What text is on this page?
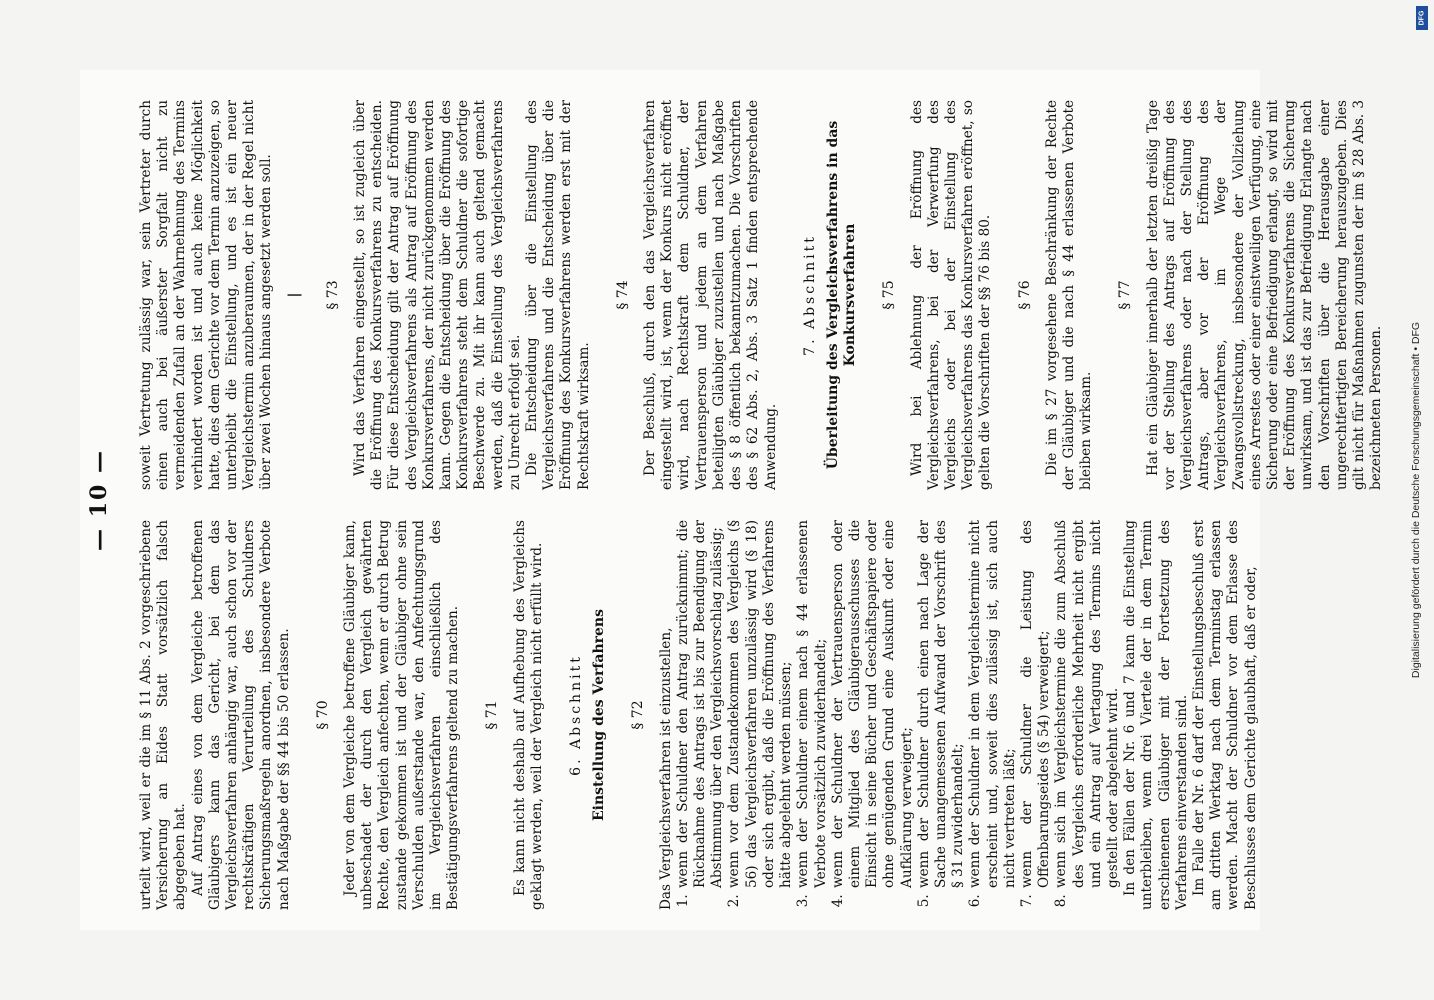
— 10 —

urteilt wird, weil er die im § 11 Abs. 2 vorgeschriebene Versicherung an Eides Statt vorsätzlich falsch abgegeben hat. Auf Antrag eines von dem Vergleiche betroffenen Gläubigers kann das Gericht, bei dem das Vergleichsverfahren anhängig war, auch schon vor der rechtskräftigen Verurteilung des Schuldners Sicherungsmaßregeln anordnen, insbesondere Verbote nach Maßgabe der §§ 44 bis 50 erlassen. § 70 Jeder von dem Vergleiche betroffene Gläubiger kann, unbeschadet der durch den Vergleich gewährten Rechte, den Vergleich anfechten, wenn er durch Betrug zustande gekommen ist und der Gläubiger ohne sein Verschulden außerstande war, den Anfechtungsgrund im Vergleichsverfahren einschließlich des Bestätigungsverfahrens geltend zu machen. § 71 Es kann nicht deshalb auf Aufhebung des Vergleichs geklagt werden, weil der Vergleich nicht erfüllt wird. 6. Abschnitt Einstellung des Verfahrens § 72 Das Vergleichsverfahren ist einzustellen, 1. wenn der Schuldner den Antrag zurücknimmt; die Rücknahme des Antrags ist bis zur Beendigung der Abstimmung über den Vergleichsvorschlag zulässig; 2. wenn vor dem Zustandekommen des Vergleichs (§ 56) das Vergleichsverfahren unzulässig wird (§ 18) oder sich ergibt, daß die Eröffnung des Verfahrens hätte abgelehnt werden müssen; 3. wenn der Schuldner einem nach § 44 erlassenen Verbote vorsätzlich zuwiderhandelt; 4. wenn der Schuldner der Vertrauensperson oder einem Mitglied des Gläubigerausschusses die Einsicht in seine Bücher und Geschäftspapiere oder ohne genügenden Grund eine Auskunft oder eine Aufklärung verweigert; 5. wenn der Schuldner durch einen nach Lage der Sache unangemessenen Aufwand der Vorschrift des § 31 zuwiderhandelt; 6. wenn der Schuldner in dem Vergleichstermine nicht erscheint und, soweit dies zulässig ist, sich auch nicht vertreten läßt; 7. wenn der Schuldner die Leistung des Offenbarungseides (§ 54) verweigert; 8. wenn sich im Vergleichstermine die zum Abschluß des Vergleichs erforderliche Mehrheit nicht ergibt und ein Antrag auf Vertagung des Termins nicht gestellt oder abgelehnt wird. In den Fällen der Nr. 6 und 7 kann die Einstellung unterbleiben, wenn drei Viertele der in dem Termin erschienenen Gläubiger mit der Fortsetzung des Verfahrens einverstanden sind. Im Falle der Nr. 6 darf der Einstellungsbeschluß erst am dritten Werktag nach dem Terminstag erlassen werden. Macht der Schuldner vor dem Erlasse des Beschlusses dem Gerichte glaubhaft, daß er oder,

soweit Vertretung zulässig war, sein Vertreter durch einen auch bei äußerster Sorgfalt nicht zu vermeidenden Zufall an der Wahrnehmung des Termins verhindert worden ist und auch keine Möglichkeit hatte, dies dem Gerichte vor dem Termin anzuzeigen, so unterbleibt die Einstellung, und es ist ein neuer Vergleichstermin anzuberaumen, der in der Regel nicht über zwei Wochen hinaus angesetzt werden soll. | § 73 Wird das Verfahren eingestellt, so ist zugleich über die Eröffnung des Konkursverfahrens zu entscheiden. Für diese Entscheidung gilt der Antrag auf Eröffnung des Vergleichsverfahrens als Antrag auf Eröffnung des Konkursverfahrens, der nicht zurückgenommen werden kann. Gegen die Entscheidung über die Eröffnung des Konkursverfahrens steht dem Schuldner die sofortige Beschwerde zu. Mit ihr kann auch geltend gemacht werden, daß die Einstellung des Vergleichsverfahrens zu Unrecht erfolgt sei. Die Entscheidung über die Einstellung des Vergleichsverfahrens und die Entscheidung über die Eröffnung des Konkursverfahrens werden erst mit der Rechtskraft wirksam.

§ 74 Der Beschluß, durch den das Vergleichsverfahren eingestellt wird, ist, wenn der Konkurs nicht eröffnet wird, nach Rechtskraft dem Schuldner, der Vertrauensperson und jedem an dem Verfahren beteiligten Gläubiger zuzustellen und nach Maßgabe des § 8 öffentlich bekanntzumachen. Die Vorschriften des § 62 Abs. 2, Abs. 3 Satz 1 finden entsprechende Anwendung.

7. Abschnitt Überleitung des Vergleichsverfahrens in das Konkursverfahren § 75 Wird bei Ablehnung der Eröffnung des Vergleichsverfahrens, bei der Verwerfung des Vergleichs oder bei der Einstellung des Vergleichsverfahrens das Konkursverfahren eröffnet, so gelten die Vorschriften der §§ 76 bis 80. § 76 Die im § 27 vorgesehene Beschränkung der Rechte der Gläubiger und die nach § 44 erlassenen Verbote bleiben wirksam.

§ 77 Hat ein Gläubiger innerhalb der letzten dreißig Tage vor der Stellung des Antrags auf Eröffnung des Vergleichsverfahrens oder nach der Stellung des Antrags, aber vor der Eröffnung des Vergleichsverfahrens, im Wege der Zwangsvollstreckung, insbesondere der Vollziehung eines Arrestes oder einer einstweiligen Verfügung, eine Sicherung oder eine Befriedigung erlangt, so wird mit der Eröffnung des Konkursverfahrens die Sicherung unwirksam, und ist das zur Befriedigung Erlangte nach den Vorschriften über die Herausgabe einer ungerechtfertigten Bereicherung herauszugeben. Dies gilt nicht für Maßnahmen zugunsten der im § 28 Abs. 3 bezeichneten Personen. Digitalisierung gefördert durch die Deutsche Forschungsgemeinschaft • DFG
DFG
